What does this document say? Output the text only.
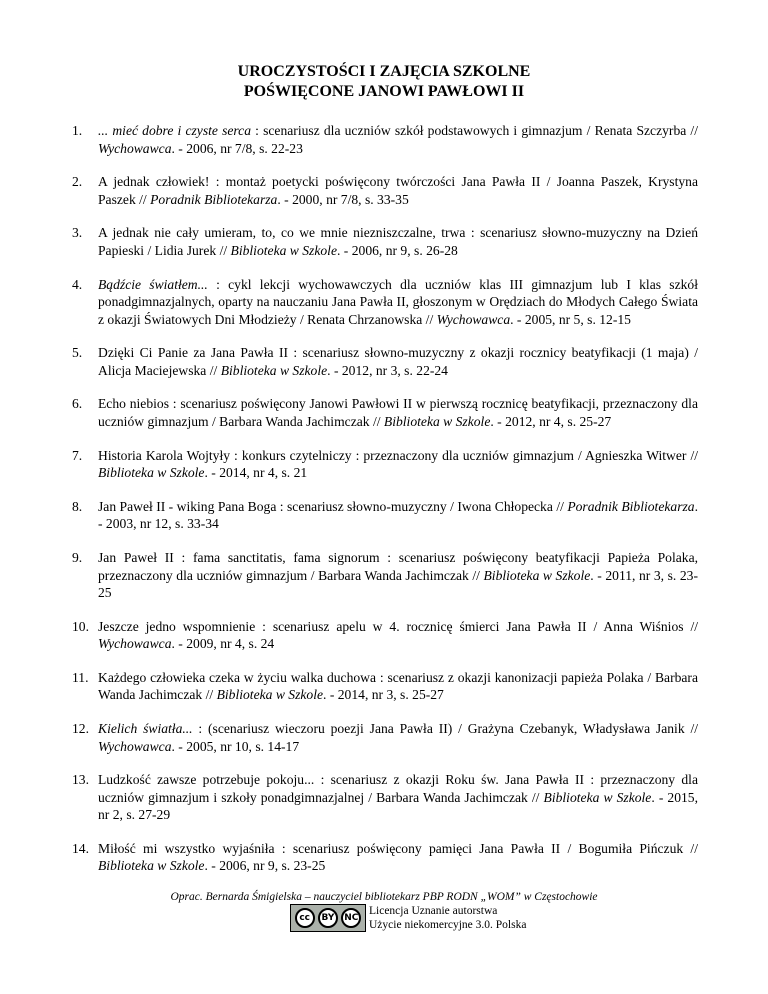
UROCZYSTOŚCI I ZAJĘCIA SZKOLNE
POŚWIĘCONE JANOWI PAWŁOWI II
1. ... mieć dobre i czyste serca : scenariusz dla uczniów szkół podstawowych i gimnazjum / Renata Szczyrba // Wychowawca. - 2006, nr 7/8, s. 22-23
2. A jednak człowiek! : montaż poetycki poświęcony twórczości Jana Pawła II / Joanna Paszek, Krystyna Paszek // Poradnik Bibliotekarza. - 2000, nr 7/8, s. 33-35
3. A jednak nie cały umieram, to, co we mnie niezniszczalne, trwa : scenariusz słowno-muzyczny na Dzień Papieski / Lidia Jurek // Biblioteka w Szkole. - 2006, nr 9, s. 26-28
4. Bądźcie światłem... : cykl lekcji wychowawczych dla uczniów klas III gimnazjum lub I klas szkół ponadgimnazjalnych, oparty na nauczaniu Jana Pawła II, głoszonym w Orędziach do Młodych Całego Świata z okazji Światowych Dni Młodzieży / Renata Chrzanowska // Wychowawca. - 2005, nr 5, s. 12-15
5. Dzięki Ci Panie za Jana Pawła II : scenariusz słowno-muzyczny z okazji rocznicy beatyfikacji (1 maja) / Alicja Maciejewska // Biblioteka w Szkole. - 2012, nr 3, s. 22-24
6. Echo niebios : scenariusz poświęcony Janowi Pawłowi II w pierwszą rocznicę beatyfikacji, przeznaczony dla uczniów gimnazjum / Barbara Wanda Jachimczak // Biblioteka w Szkole. - 2012, nr 4, s. 25-27
7. Historia Karola Wojtyły : konkurs czytelniczy : przeznaczony dla uczniów gimnazjum / Agnieszka Witwer // Biblioteka w Szkole. - 2014, nr 4, s. 21
8. Jan Paweł II - wiking Pana Boga : scenariusz słowno-muzyczny / Iwona Chłopecka // Poradnik Bibliotekarza. - 2003, nr 12, s. 33-34
9. Jan Paweł II : fama sanctitatis, fama signorum : scenariusz poświęcony beatyfikacji Papieża Polaka, przeznaczony dla uczniów gimnazjum / Barbara Wanda Jachimczak // Biblioteka w Szkole. - 2011, nr 3, s. 23-25
10. Jeszcze jedno wspomnienie : scenariusz apelu w 4. rocznicę śmierci Jana Pawła II / Anna Wiśnios // Wychowawca. - 2009, nr 4, s. 24
11. Każdego człowieka czeka w życiu walka duchowa : scenariusz z okazji kanonizacji papieża Polaka / Barbara Wanda Jachimczak // Biblioteka w Szkole. - 2014, nr 3, s. 25-27
12. Kielich światła... : (scenariusz wieczoru poezji Jana Pawła II) / Grażyna Czebanyk, Władysława Janik // Wychowawca. - 2005, nr 10, s. 14-17
13. Ludzkość zawsze potrzebuje pokoju... : scenariusz z okazji Roku św. Jana Pawła II : przeznaczony dla uczniów gimnazjum i szkoły ponadgimnazjalnej / Barbara Wanda Jachimczak // Biblioteka w Szkole. - 2015, nr 2, s. 27-29
14. Miłość mi wszystko wyjaśniła : scenariusz poświęcony pamięci Jana Pawła II / Bogumiła Pińczuk // Biblioteka w Szkole. - 2006, nr 9, s. 23-25
Oprac. Bernarda Śmigielska – nauczyciel bibliotekarz PBP RODN „WOM” w Częstochowie
cc	BY	NC
Licencja Uznanie autorstwa
Użycie niekomercyjne 3.0. Polska
